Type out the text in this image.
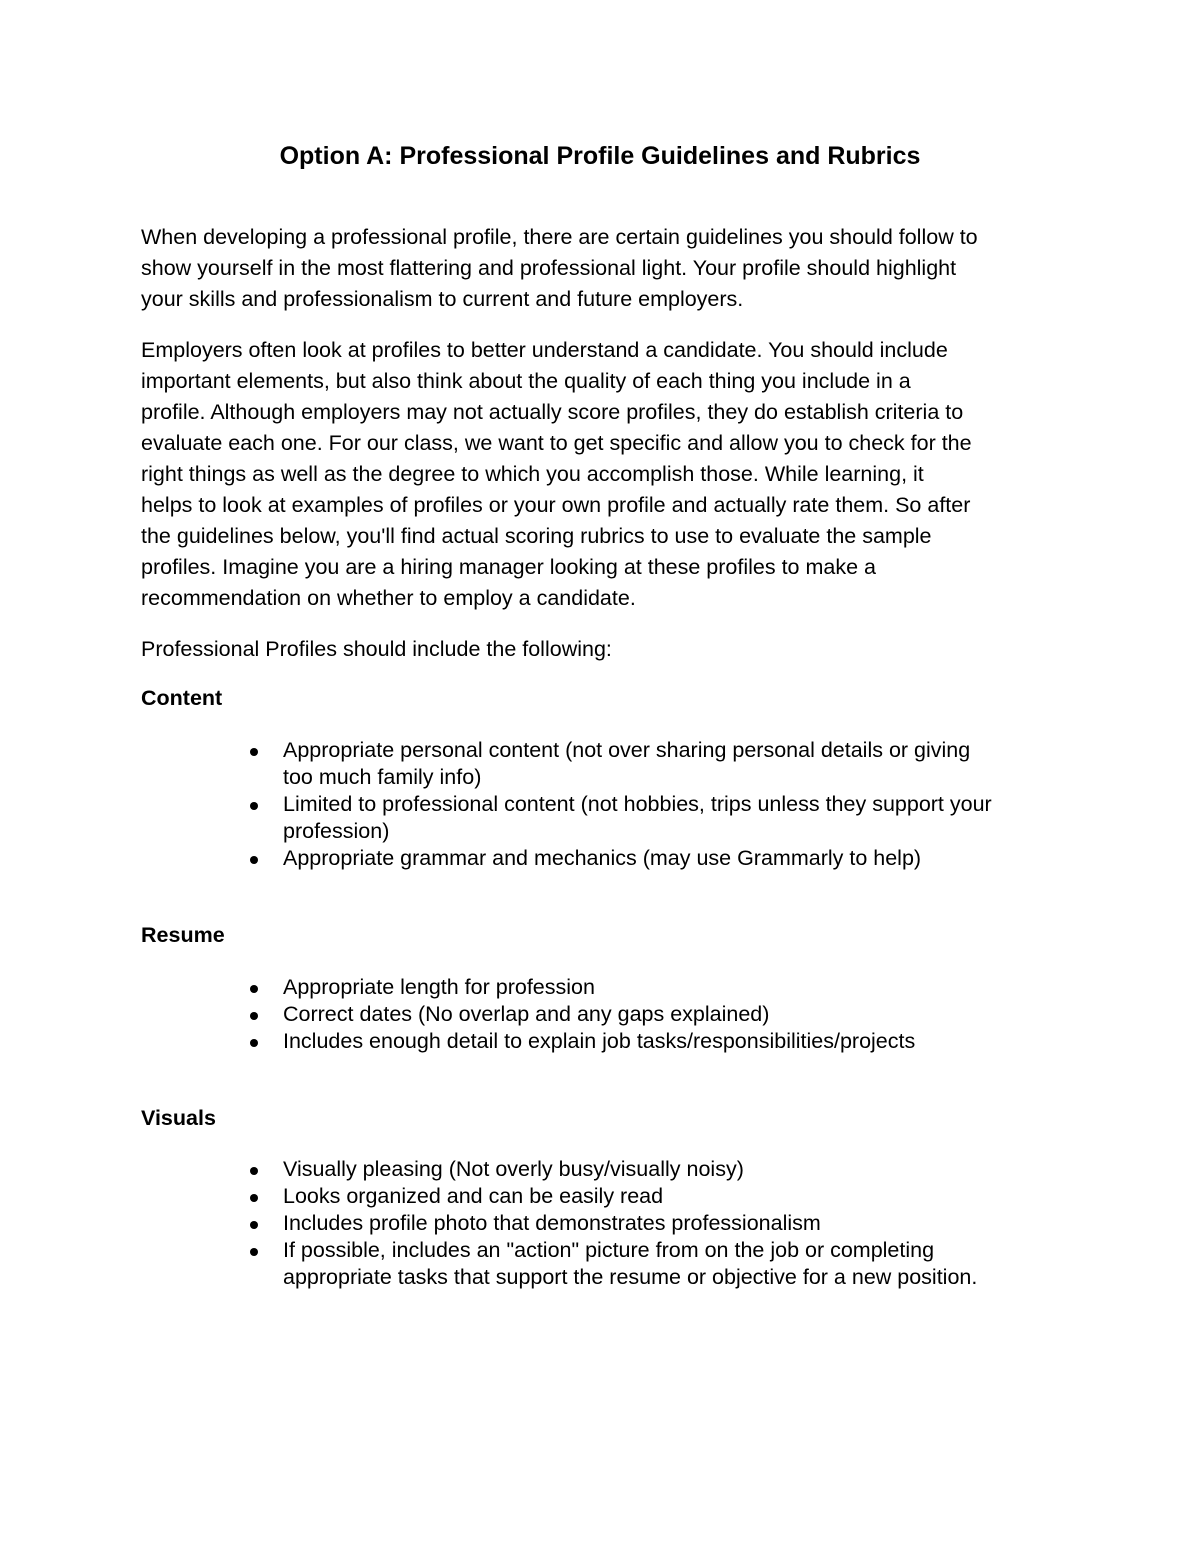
Option A: Professional Profile Guidelines and Rubrics
When developing a professional profile, there are certain guidelines you should follow to
show yourself in the most flattering and professional light. Your profile should highlight
your skills and professionalism to current and future employers.
Employers often look at profiles to better understand a candidate. You should include
important elements, but also think about the quality of each thing you include in a
profile. Although employers may not actually score profiles, they do establish criteria to
evaluate each one. For our class, we want to get specific and allow you to check for the
right things as well as the degree to which you accomplish those. While learning, it
helps to look at examples of profiles or your own profile and actually rate them. So after
the guidelines below, you'll find actual scoring rubrics to use to evaluate the sample
profiles. Imagine you are a hiring manager looking at these profiles to make a
recommendation on whether to employ a candidate.
Professional Profiles should include the following:
Content
Appropriate personal content (not over sharing personal details or giving
too much family info)
Limited to professional content (not hobbies, trips unless they support your
profession)
Appropriate grammar and mechanics (may use Grammarly to help)
Resume
Appropriate length for profession
Correct dates (No overlap and any gaps explained)
Includes enough detail to explain job tasks/responsibilities/projects
Visuals
Visually pleasing (Not overly busy/visually noisy)
Looks organized and can be easily read
Includes profile photo that demonstrates professionalism
If possible, includes an "action" picture from on the job or completing
appropriate tasks that support the resume or objective for a new position.
